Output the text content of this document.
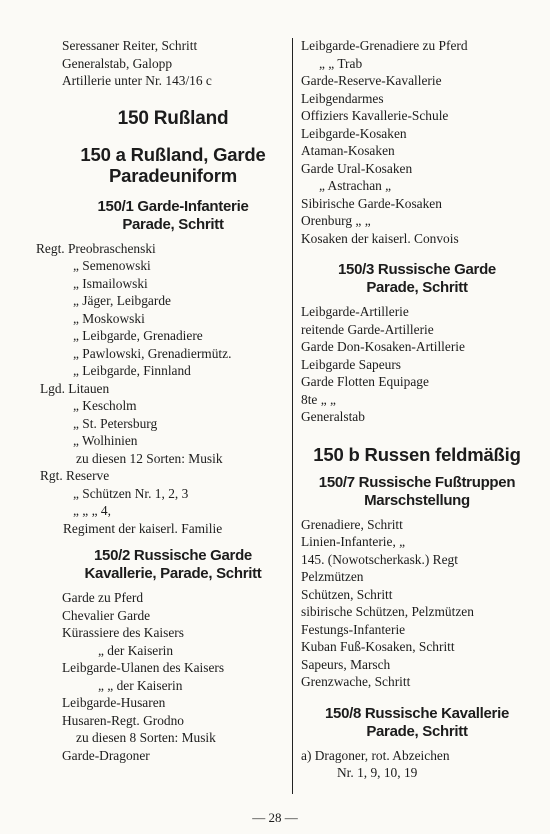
Seressaner Reiter, Schritt
Generalstab, Galopp
Artillerie unter Nr. 143/16 c
150 Rußland
150 a Rußland, Garde
Paradeuniform
150/1 Garde-Infanterie
Parade, Schritt
Regt. Preobraschenski
„ Semenowski
„ Ismailowski
„ Jäger, Leibgarde
„ Moskowski
„ Leibgarde, Grenadiere
„ Pawlowski, Grenadiermütz.
„ Leibgarde, Finnland
Lgd. Litauen
„ Kescholm
„ St. Petersburg
„ Wolhinien
zu diesen 12 Sorten: Musik
Rgt. Reserve
„ Schützen Nr. 1, 2, 3
„ „ „ 4,
Regiment der kaiserl. Familie
150/2 Russische Garde
Kavallerie, Parade, Schritt
Garde zu Pferd
Chevalier Garde
Kürassiere des Kaisers
„ der Kaiserin
Leibgarde-Ulanen des Kaisers
„ „ der Kaiserin
Leibgarde-Husaren
Husaren-Regt. Grodno
zu diesen 8 Sorten: Musik
Garde-Dragoner
Leibgarde-Grenadiere zu Pferd
„ „ Trab
Garde-Reserve-Kavallerie
Leibgendarmes
Offiziers Kavallerie-Schule
Leibgarde-Kosaken
Ataman-Kosaken
Garde Ural-Kosaken
„ Astrachan „
Sibirische Garde-Kosaken
Orenburg „ „
Kosaken der kaiserl. Convois
150/3 Russische Garde
Parade, Schritt
Leibgarde-Artillerie
reitende Garde-Artillerie
Garde Don-Kosaken-Artillerie
Leibgarde Sapeurs
Garde Flotten Equipage
8te „ „
Generalstab
150 b Russen feldmäßig
150/7 Russische Fußtruppen
Marschstellung
Grenadiere, Schritt
Linien-Infanterie, „
145. (Nowotscherkask.) Regt
Pelzmützen
Schützen, Schritt
sibirische Schützen, Pelzmützen
Festungs-Infanterie
Kuban Fuß-Kosaken, Schritt
Sapeurs, Marsch
Grenzwache, Schritt
150/8 Russische Kavallerie
Parade, Schritt
a) Dragoner, rot. Abzeichen
Nr. 1, 9, 10, 19
— 28 —
